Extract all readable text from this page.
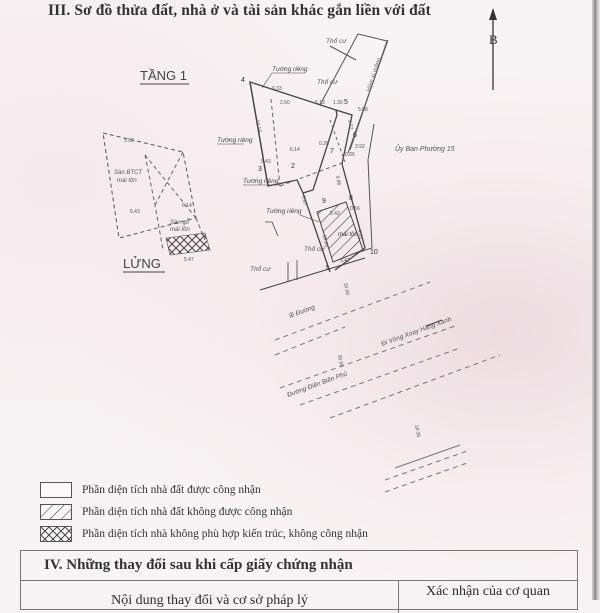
III. Sơ đồ thửa đất, nhà ở và tài sản khác gắn liền với đất
B
TẦNG 1	Hẻm xi măng
Thổ cư
Thổ cư
mái tôn
Ủy Ban Phường 15
4
5
6
7
3	2
8
9
10
1
9.33
5.13 1.30
2.60
5.68
3.92
0.86
0.20
6.14
5.43
14.19	5.77
9.47
9.86
5.42
0.56
4.31
5.47
10.05
Tường riêng
Tường riêng
Tường riêng
Tường riêng
Thổ cư
Thổ cư
Sàn BTCT
mái tôn
Sàn gỗ
mái tôn
9.53
6.14
5.43
5.47
LỬNG
lề Đường
Đường Điện Biên Phủ
Đi Vòng Xoay Hàng Xanh
10.00
30.00
18.36
Phần diện tích nhà đất được công nhận
Phần diện tích nhà đất không được công nhận
Phần diện tích nhà không phù hợp kiến trúc, không công nhận
IV. Những thay đổi sau khi cấp giấy chứng nhận
Nội dung thay đổi và cơ sở pháp lý
Xác nhận của cơ quan
